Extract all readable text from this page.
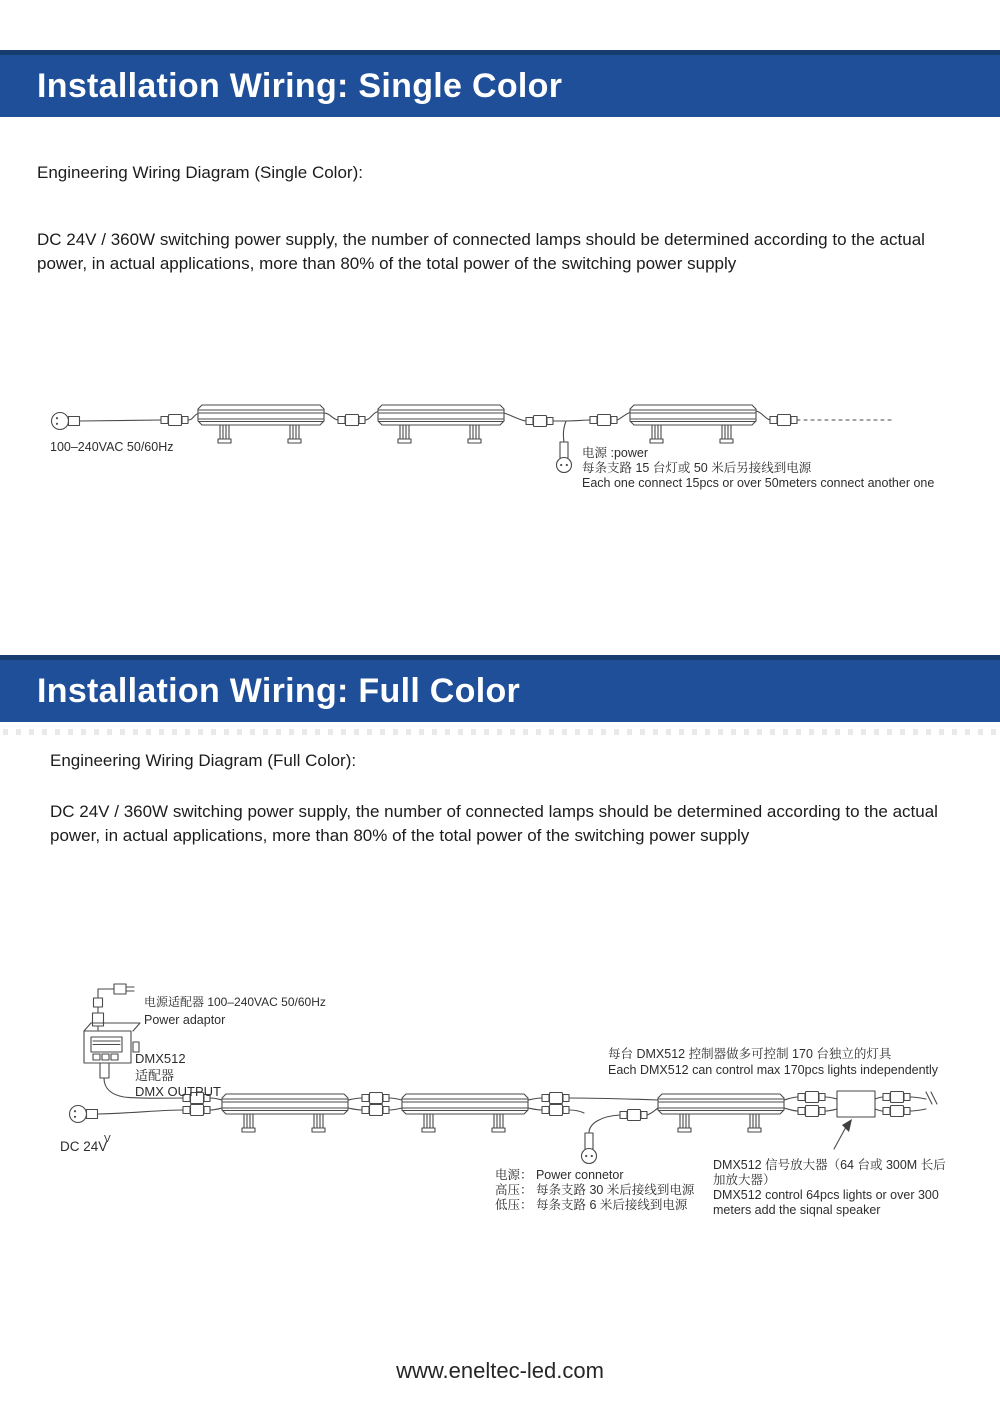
Installation Wiring: Single Color
Engineering Wiring Diagram (Single Color):
DC 24V / 360W switching power supply, the number of connected lamps should be determined according to the actual power, in actual applications, more than 80% of the total power of the switching power supply
100–240VAC 50/60Hz	电源 :power
每条支路 15 台灯或 50 米后另接线到电源
Each one connect 15pcs or over 50meters connect another one
Installation Wiring: Full Color
Engineering Wiring Diagram (Full Color):
DC 24V / 360W switching power supply, the number of connected lamps should be determined according to the actual power, in actual applications, more than 80% of the total power of the switching power supply
电源适配器 100–240VAC 50/60Hz
Power adaptor
DMX512
适配器
DMX OUTPUT
DC 24V
V
每台 DMX512 控制器做多可控制 170 台独立的灯具
Each DMX512 can control max 170pcs lights independently
电源： Power connetor
高压： 每条支路 30 米后接线到电源
低压： 每条支路 6 米后接线到电源
DMX512 信号放大器（64 台或 300M 长后
加放大器）
DMX512 control 64pcs lights or over 300
meters add the siqnal speaker
www.eneltec-led.com
